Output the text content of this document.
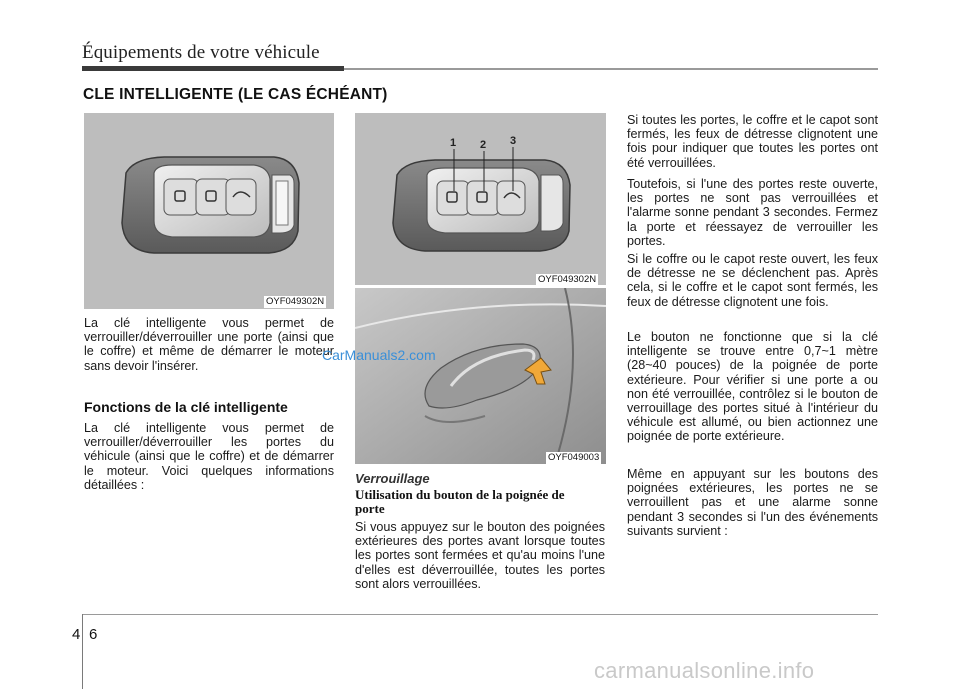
Équipements de votre véhicule
CLE INTELLIGENTE (LE CAS ÉCHÉANT)
OYF049302N
1 2 3
OYF049302N
OYF049003

La clé intelligente vous permet de verrouiller/déverrouiller une porte (ainsi que le coffre) et même de démarrer le moteur sans devoir l'insérer.

CarManuals2.com
Fonctions de la clé intelligente

La clé intelligente vous permet de verrouiller/déverrouiller les portes du véhicule (ainsi que le coffre) et de démarrer le moteur. Voici quelques informations détaillées :	Verrouillage
Utilisation du bouton de la poignée de porte

Si vous appuyez sur le bouton des poignées extérieures des portes avant lorsque toutes les portes sont fermées et qu'au moins l'une d'elles est déverrouillée, toutes les portes sont alors verrouillées.

Si toutes les portes, le coffre et le capot sont fermés, les feux de détresse clignotent une fois pour indiquer que toutes les portes ont été verrouillées.

Toutefois, si l'une des portes reste ouverte, les portes ne sont pas verrouillées et l'alarme sonne pendant 3 secondes. Fermez la porte et réessayez de verrouiller les portes.

Si le coffre ou le capot reste ouvert, les feux de détresse ne se déclenchent pas. Après cela, si le coffre et le capot sont fermés, les feux de détresse clignotent une fois.

Le bouton ne fonctionne que si la clé intelligente se trouve entre 0,7~1 mètre (28~40 pouces) de la poignée de porte extérieure. Pour vérifier si une porte a ou non été verrouillée, contrôlez si le bouton de verrouillage des portes situé à l'intérieur du véhicule est allumé, ou bien actionnez une poignée de porte extérieure.

Même en appuyant sur les boutons des poignées extérieures, les portes ne se verrouillent pas et une alarme sonne pendant 3 secondes si l'un des événements suivants survient :

4 6
carmanualsonline.info
